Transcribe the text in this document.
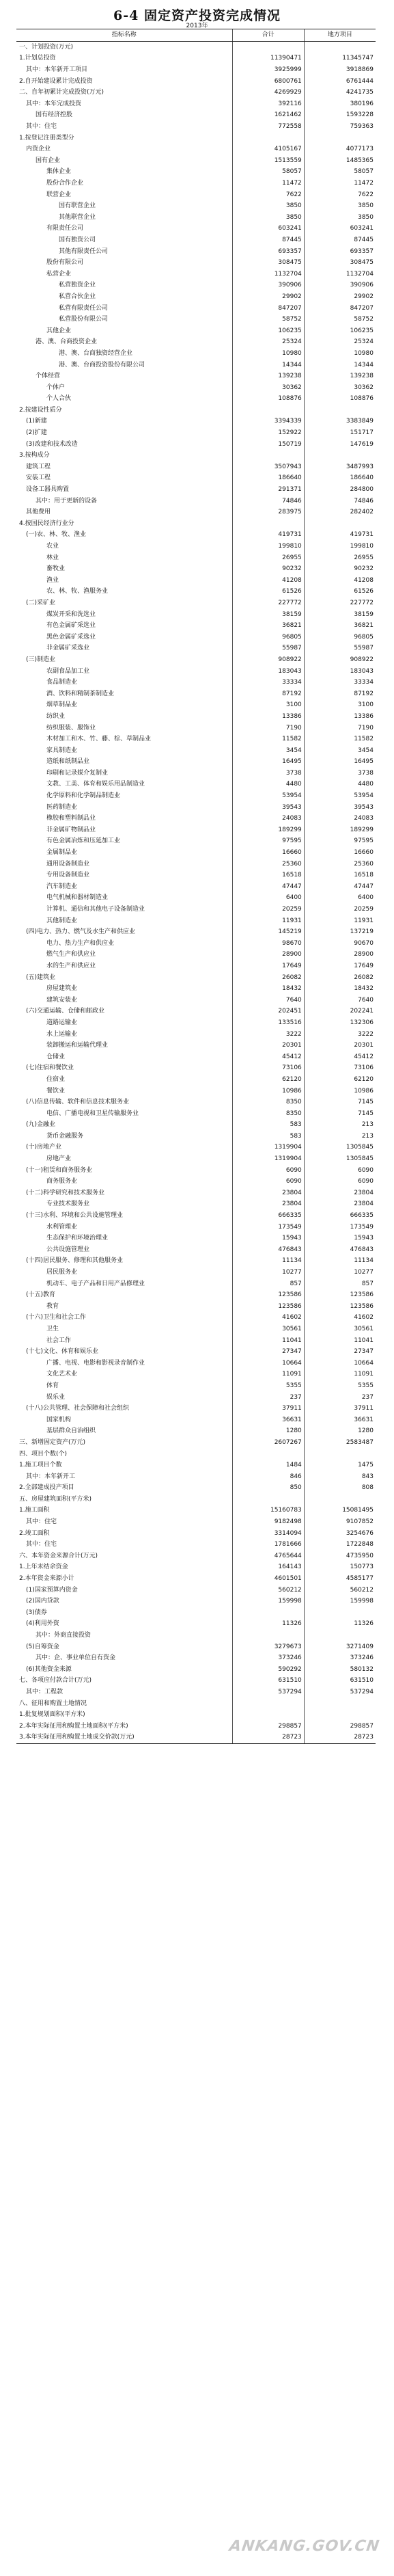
6-4 固定资产投资完成情况
2013年
指标名称	合计	地方项目
一、计划投资(万元)		
1.计划总投资	11390471	11345747
其中：本年新开工项目	3925999	3918869
2.自开始建设累计完成投资	6800761	6761444
二、自年初累计完成投资(万元)	4269929	4241735
其中：本年完成投资	392116	380196
国有经济控股	1621462	1593228
其中：住宅	772558	759363
1.按登记注册类型分		
内资企业	4105167	4077173
国有企业	1513559	1485365
集体企业	58057	58057
股份合作企业	11472	11472
联营企业	7622	7622
国有联营企业	3850	3850
其他联营企业	3850	3850
有限责任公司	603241	603241
国有独资公司	87445	87445
其他有限责任公司	693357	693357
股份有限公司	308475	308475
私营企业	1132704	1132704
私营独资企业	390906	390906
私营合伙企业	29902	29902
私营有限责任公司	847207	847207
私营股份有限公司	58752	58752
其他企业	106235	106235
港、澳、台商投资企业	25324	25324
港、澳、台商独资经营企业	10980	10980
港、澳、台商投资股份有限公司	14344	14344
个体经营	139238	139238
个体户	30362	30362
个人合伙	108876	108876
2.按建设性质分		
(1)新建	3394339	3383849
(2)扩建	152922	151717
(3)改建和技术改造	150719	147619
3.按构成分		
建筑工程	3507943	3487993
安装工程	186640	186640
设备工器具购置	291371	284800
其中：用于更新的设备	74846	74846
其他费用	283975	282402
4.按国民经济行业分		
(一)农、林、牧、渔业	419731	419731
农业	199810	199810
林业	26955	26955
畜牧业	90232	90232
渔业	41208	41208
农、林、牧、渔服务业	61526	61526
(二)采矿业	227772	227772
煤炭开采和洗选业	38159	38159
有色金属矿采选业	36821	36821
黑色金属矿采选业	96805	96805
非金属矿采选业	55987	55987
(三)制造业	908922	908922
农副食品加工业	183043	183043
食品制造业	33334	33334
酒、饮料和精制茶制造业	87192	87192
烟草制品业	3100	3100
纺织业	13386	13386
纺织服装、服饰业	7190	7190
木材加工和木、竹、藤、棕、草制品业	11582	11582
家具制造业	3454	3454
造纸和纸制品业	16495	16495
印刷和记录媒介复制业	3738	3738
文教、工美、体育和娱乐用品制造业	4480	4480
化学原料和化学制品制造业	53954	53954
医药制造业	39543	39543
橡胶和塑料制品业	24083	24083
非金属矿物制品业	189299	189299
有色金属冶炼和压延加工业	97595	97595
金属制品业	16660	16660
通用设备制造业	25360	25360
专用设备制造业	16518	16518
汽车制造业	47447	47447
电气机械和器材制造业	6400	6400
计算机、通信和其他电子设备制造业	20259	20259
其他制造业	11931	11931
(四)电力、热力、燃气及水生产和供应业	145219	137219
电力、热力生产和供应业	98670	90670
燃气生产和供应业	28900	28900
水的生产和供应业	17649	17649
(五)建筑业	26082	26082
房屋建筑业	18432	18432
建筑安装业	7640	7640
(六)交通运输、仓储和邮政业	202451	202241
道路运输业	133516	132306
水上运输业	3222	3222
装卸搬运和运输代理业	20301	20301
仓储业	45412	45412
(七)住宿和餐饮业	73106	73106
住宿业	62120	62120
餐饮业	10986	10986
(八)信息传输、软件和信息技术服务业	8350	7145
电信、广播电视和卫星传输服务业	8350	7145
(九)金融业	583	213
货币金融服务	583	213
(十)房地产业	1319904	1305845
房地产业	1319904	1305845
(十一)租赁和商务服务业	6090	6090
商务服务业	6090	6090
(十二)科学研究和技术服务业	23804	23804
专业技术服务业	23804	23804
(十三)水利、环境和公共设施管理业	666335	666335
水利管理业	173549	173549
生态保护和环境治理业	15943	15943
公共设施管理业	476843	476843
(十四)居民服务、修理和其他服务业	11134	11134
居民服务业	10277	10277
机动车、电子产品和日用产品修理业	857	857
(十五)教育	123586	123586
教育	123586	123586
(十六)卫生和社会工作	41602	41602
卫生	30561	30561
社会工作	11041	11041
(十七)文化、体育和娱乐业	27347	27347
广播、电视、电影和影视录音制作业	10664	10664
文化艺术业	11091	11091
体育	5355	5355
娱乐业	237	237
(十八)公共管理、社会保障和社会组织	37911	37911
国家机构	36631	36631
基层群众自治组织	1280	1280
三、新增固定资产(万元)	2607267	2583487
四、项目个数(个)		
1.施工项目个数	1484	1475
其中：本年新开工	846	843
2.全部建成投产项目	850	808
五、房屋建筑面积(平方米)		
1.施工面积	15160783	15081495
其中：住宅	9182498	9107852
2.竣工面积	3314094	3254676
其中：住宅	1781666	1722848
六、本年资金来源合计(万元)	4765644	4735950
1.上年末结余资金	164143	150773
2.本年资金来源小计	4601501	4585177
(1)国家预算内资金	560212	560212
(2)国内贷款	159998	159998
(3)债券		
(4)利用外资	11326	11326
其中：外商直接投资		
(5)自筹资金	3279673	3271409
其中：企、事业单位自有资金	373246	373246
(6)其他资金来源	590292	580132
七、各项应付款合计(万元)	631510	631510
其中：工程款	537294	537294
八、征用和购置土地情况		
1.批复规划面积(平方米)		
2.本年实际征用和购置土地面积(平方米)	298857	298857
3.本年实际征用和购置土地成交价款(万元)	28723	28723
ANKANG.GOV.CN
